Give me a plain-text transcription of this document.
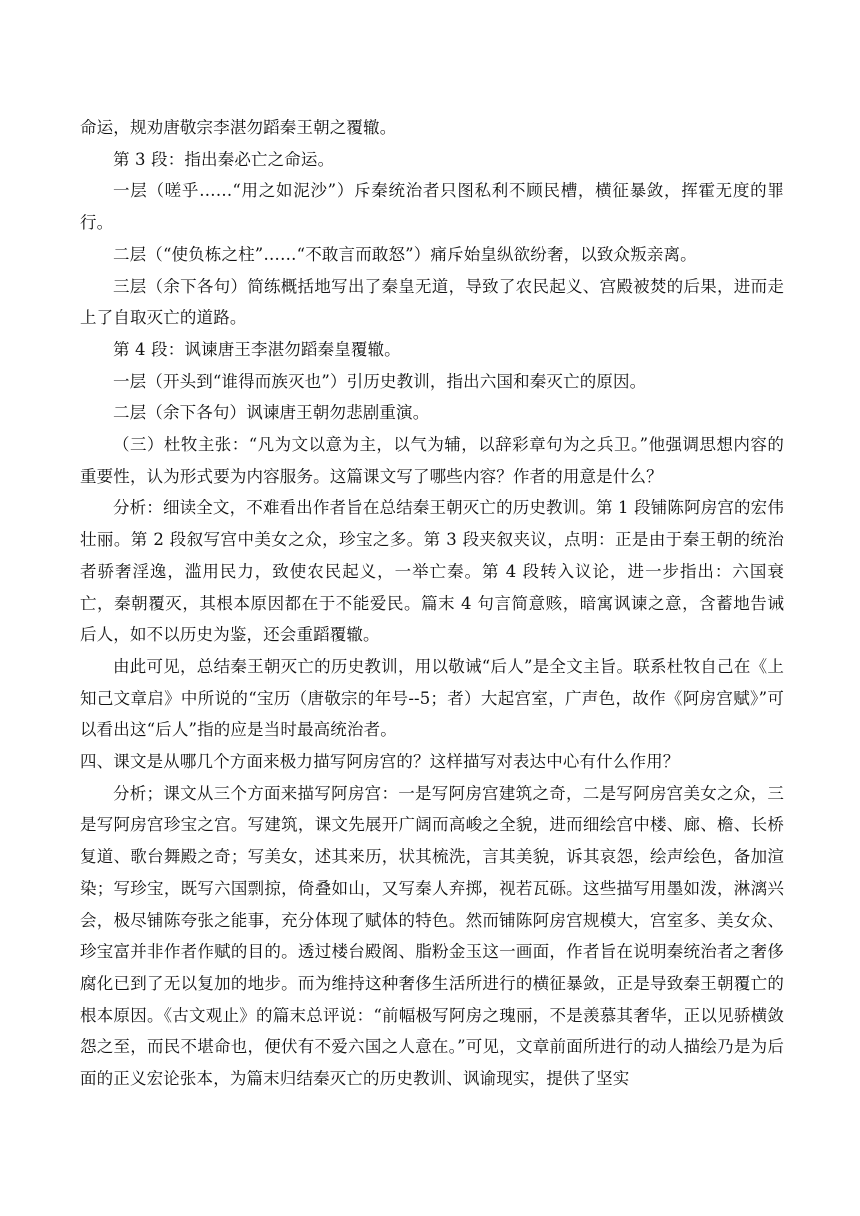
命运，规劝唐敬宗李湛勿蹈秦王朝之覆辙。

第 3 段：指出秦必亡之命运。

一层（嗟乎……“用之如泥沙”）斥秦统治者只图私利不顾民槽，横征暴敛，挥霍无度的罪行。

二层（“使负栋之柱”……“不敢言而敢怒”）痛斥始皇纵欲纷奢，以致众叛亲离。

三层（余下各句）简练概括地写出了秦皇无道，导致了农民起义、宫殿被焚的后果，进而走上了自取灭亡的道路。

第 4 段：讽谏唐王李湛勿蹈秦皇覆辙。

一层（开头到“谁得而族灭也”）引历史教训，指出六国和秦灭亡的原因。

二层（余下各句）讽谏唐王朝勿悲剧重演。

（三）杜牧主张：“凡为文以意为主，以气为辅，以辞彩章句为之兵卫。”他强调思想内容的重要性，认为形式要为内容服务。这篇课文写了哪些内容？作者的用意是什么？

分析：细读全文，不难看出作者旨在总结秦王朝灭亡的历史教训。第 1 段铺陈阿房宫的宏伟壮丽。第 2 段叙写宫中美女之众，珍宝之多。第 3 段夹叙夹议，点明：正是由于秦王朝的统治者骄奢淫逸，滥用民力，致使农民起义，一举亡秦。第 4 段转入议论，进一步指出：六国衰亡，秦朝覆灭，其根本原因都在于不能爱民。篇末 4 句言简意赅，暗寓讽谏之意，含蓄地告诫后人，如不以历史为鉴，还会重蹈覆辙。

由此可见，总结秦王朝灭亡的历史教训，用以敬诫“后人”是全文主旨。联系杜牧自己在《上知己文章启》中所说的“宝历（唐敬宗的年号--5；者）大起宫室，广声色，故作《阿房宫赋》”可以看出这“后人”指的应是当时最高统治者。

四、课文是从哪几个方面来极力描写阿房宫的？这样描写对表达中心有什么作用？

分析；课文从三个方面来描写阿房宫：一是写阿房宫建筑之奇，二是写阿房宫美女之众，三是写阿房宫珍宝之宫。写建筑，课文先展开广阔而高峻之全貌，进而细绘宫中楼、廊、檐、长桥复道、歌台舞殿之奇；写美女，述其来历，状其梳洗，言其美貌，诉其哀怨，绘声绘色，备加渲染；写珍宝，既写六国剽掠，倚叠如山，又写秦人弃掷，视若瓦砾。这些描写用墨如泼，淋漓兴会，极尽铺陈夸张之能事，充分体现了赋体的特色。然而铺陈阿房宫规模大，宫室多、美女众、珍宝富并非作者作赋的目的。透过楼台殿阁、脂粉金玉这一画面，作者旨在说明秦统治者之奢侈腐化已到了无以复加的地步。而为维持这种奢侈生活所进行的横征暴敛，正是导致秦王朝覆亡的根本原因。《古文观止》的篇末总评说：“前幅极写阿房之瑰丽，不是羡慕其奢华，正以见骄横敛怨之至，而民不堪命也，便伏有不爱六国之人意在。”可见，文章前面所进行的动人描绘乃是为后面的正义宏论张本，为篇末归结秦灭亡的历史教训、讽谕现实，提供了坚实
